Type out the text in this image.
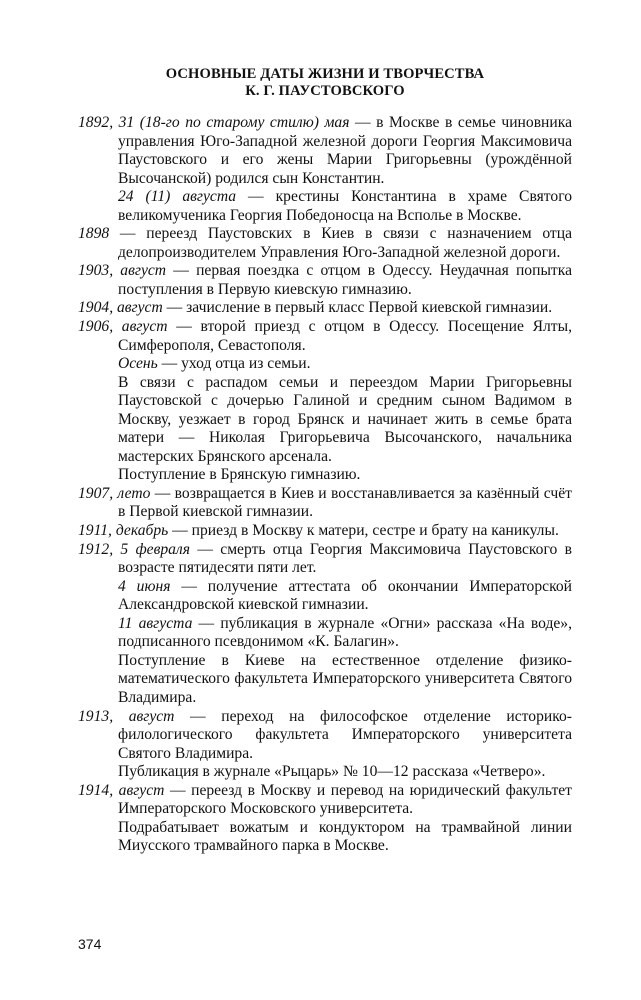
ОСНОВНЫЕ ДАТЫ ЖИЗНИ И ТВОРЧЕСТВА
К. Г. ПАУСТОВСКОГО
1892, 31 (18-го по старому стилю) мая — в Москве в семье чиновника управления Юго-Западной железной дороги Георгия Максимовича Паустовского и его жены Марии Григорьевны (урождённой Высочанской) родился сын Константин.
24 (11) августа — крестины Константина в храме Святого великомученика Георгия Победоносца на Всполье в Москве.
1898 — переезд Паустовских в Киев в связи с назначением отца делопроизводителем Управления Юго-Западной железной дороги.
1903, август — первая поездка с отцом в Одессу. Неудачная попытка поступления в Первую киевскую гимназию.
1904, август — зачисление в первый класс Первой киевской гимназии.
1906, август — второй приезд с отцом в Одессу. Посещение Ялты, Симферополя, Севастополя.
Осень — уход отца из семьи.
В связи с распадом семьи и переездом Марии Григорьевны Паустовской с дочерью Галиной и средним сыном Вадимом в Москву, уезжает в город Брянск и начинает жить в семье брата матери — Николая Григорьевича Высочанского, начальника мастерских Брянского арсенала.
Поступление в Брянскую гимназию.
1907, лето — возвращается в Киев и восстанавливается за казённый счёт в Первой киевской гимназии.
1911, декабрь — приезд в Москву к матери, сестре и брату на каникулы.
1912, 5 февраля — смерть отца Георгия Максимовича Паустовского в возрасте пятидесяти пяти лет.
4 июня — получение аттестата об окончании Императорской Александровской киевской гимназии.
11 августа — публикация в журнале «Огни» рассказа «На воде», подписанного псевдонимом «К. Балагин».
Поступление в Киеве на естественное отделение физико-математического факультета Императорского университета Святого Владимира.
1913, август — переход на философское отделение историко-филологического факультета Императорского университета Святого Владимира.
Публикация в журнале «Рыцарь» № 10—12 рассказа «Четверо».
1914, август — переезд в Москву и перевод на юридический факультет Императорского Московского университета.
Подрабатывает вожатым и кондуктором на трамвайной линии Миусского трамвайного парка в Москве.
374
